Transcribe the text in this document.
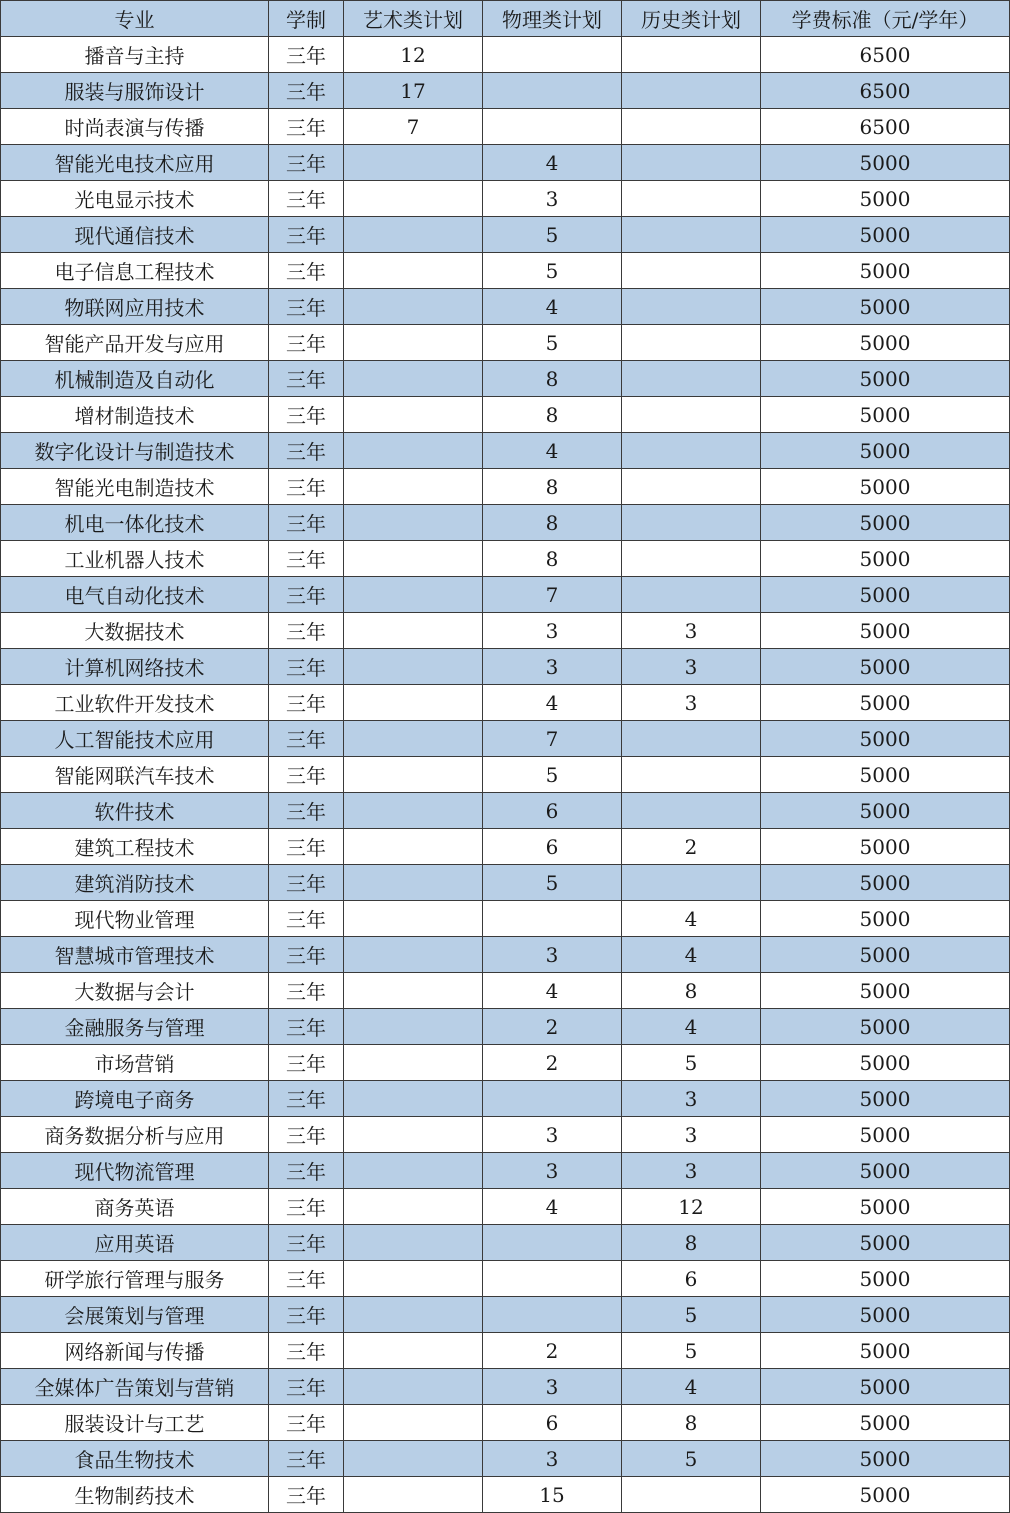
专业	学制	艺术类计划	物理类计划	历史类计划	学费标准（元/学年）
播音与主持	三年	12			6500
服装与服饰设计	三年	17			6500
时尚表演与传播	三年	7			6500
智能光电技术应用	三年		4		5000
光电显示技术	三年		3		5000
现代通信技术	三年		5		5000
电子信息工程技术	三年		5		5000
物联网应用技术	三年		4		5000
智能产品开发与应用	三年		5		5000
机械制造及自动化	三年		8		5000
增材制造技术	三年		8		5000
数字化设计与制造技术	三年		4		5000
智能光电制造技术	三年		8		5000
机电一体化技术	三年		8		5000
工业机器人技术	三年		8		5000
电气自动化技术	三年		7		5000
大数据技术	三年		3	3	5000
计算机网络技术	三年		3	3	5000
工业软件开发技术	三年		4	3	5000
人工智能技术应用	三年		7		5000
智能网联汽车技术	三年		5		5000
软件技术	三年		6		5000
建筑工程技术	三年		6	2	5000
建筑消防技术	三年		5		5000
现代物业管理	三年			4	5000
智慧城市管理技术	三年		3	4	5000
大数据与会计	三年		4	8	5000
金融服务与管理	三年		2	4	5000
市场营销	三年		2	5	5000
跨境电子商务	三年			3	5000
商务数据分析与应用	三年		3	3	5000
现代物流管理	三年		3	3	5000
商务英语	三年		4	12	5000
应用英语	三年			8	5000
研学旅行管理与服务	三年			6	5000
会展策划与管理	三年			5	5000
网络新闻与传播	三年		2	5	5000
全媒体广告策划与营销	三年		3	4	5000
服装设计与工艺	三年		6	8	5000
食品生物技术	三年		3	5	5000
生物制药技术	三年		15		5000
